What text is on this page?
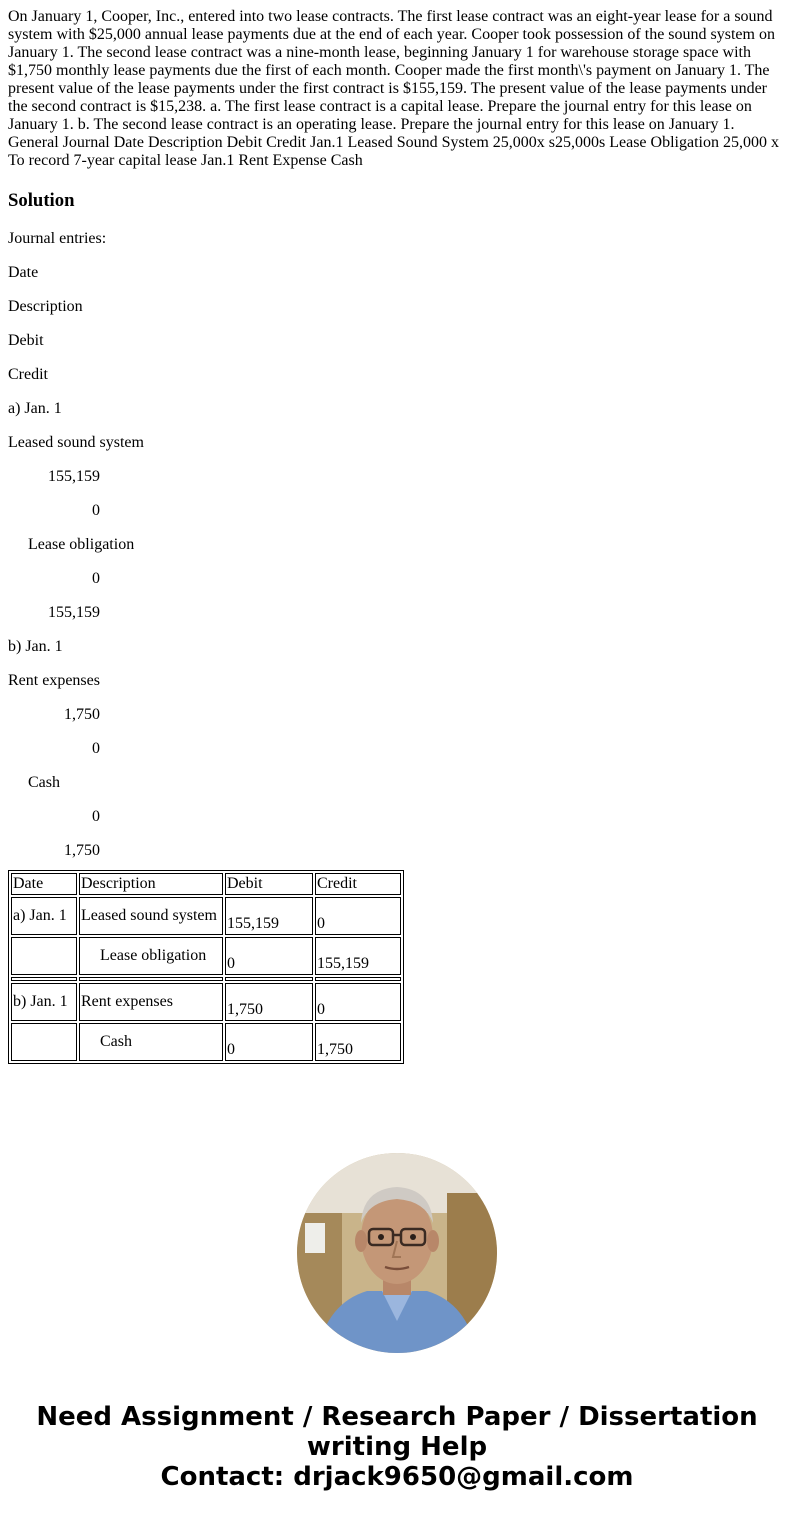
On January 1, Cooper, Inc., entered into two lease contracts. The first lease contract was an eight-year lease for a sound system with $25,000 annual lease payments due at the end of each year. Cooper took possession of the sound system on January 1. The second lease contract was a nine-month lease, beginning January 1 for warehouse storage space with $1,750 monthly lease payments due the first of each month. Cooper made the first month\'s payment on January 1. The present value of the lease payments under the first contract is $155,159. The present value of the lease payments under the second contract is $15,238. a. The first lease contract is a capital lease. Prepare the journal entry for this lease on January 1. b. The second lease contract is an operating lease. Prepare the journal entry for this lease on January 1. General Journal Date Description Debit Credit Jan.1 Leased Sound System 25,000x s25,000s Lease Obligation 25,000 x To record 7-year capital lease Jan.1 Rent Expense Cash

Solution

Journal entries:

Date

Description

Debit

Credit

a) Jan. 1

Leased sound system

155,159

0

Lease obligation

0

155,159

b) Jan. 1

Rent expenses

1,750

0

Cash

0

1,750

Date	Description	Debit	Credit
a) Jan. 1	Leased sound system	155,159	0
	Lease obligation	0	155,159

b) Jan. 1	Rent expenses	1,750	0
	Cash	0	1,750
Need Assignment / Research Paper / Dissertation
writing Help
Contact: drjack9650@gmail.com
